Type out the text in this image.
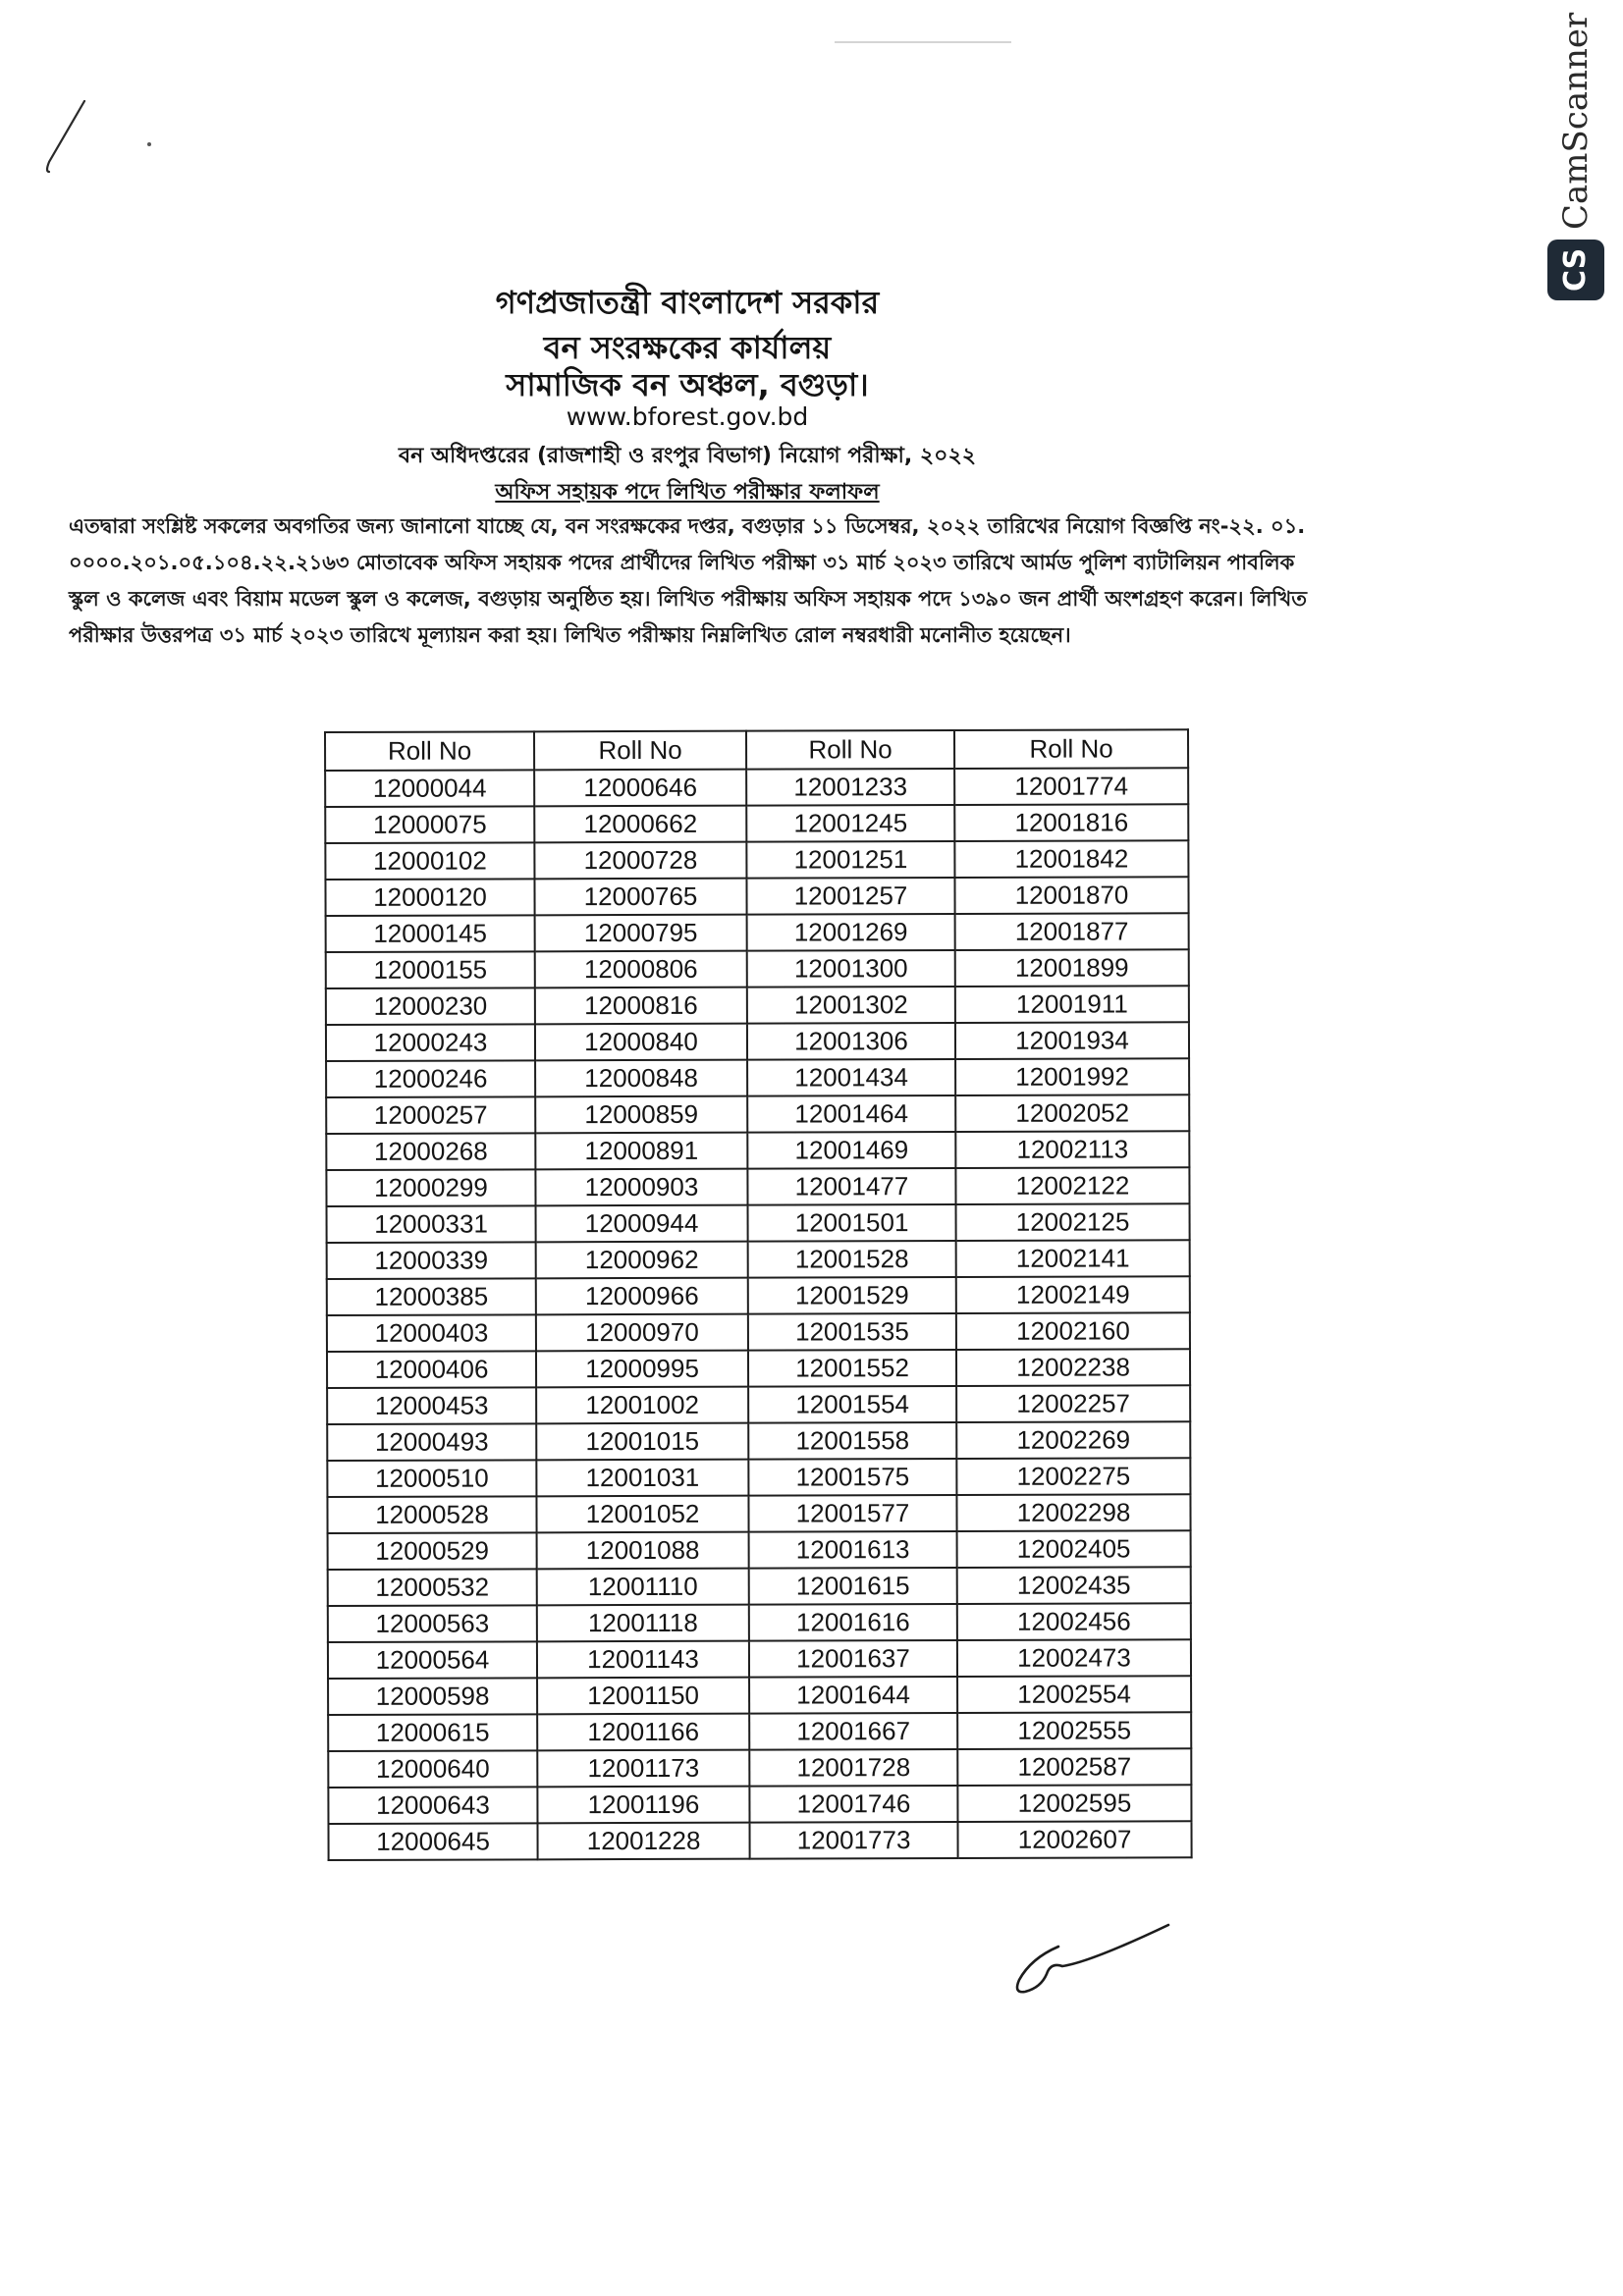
CamScanner
CS
গণপ্রজাতন্ত্রী বাংলাদেশ সরকার
বন সংরক্ষকের কার্যালয়
সামাজিক বন অঞ্চল, বগুড়া।
www.bforest.gov.bd
বন অধিদপ্তরের (রাজশাহী ও রংপুর বিভাগ) নিয়োগ পরীক্ষা, ২০২২
অফিস সহায়ক পদে লিখিত পরীক্ষার ফলাফল
এতদ্বারা সংশ্লিষ্ট সকলের অবগতির জন্য জানানো যাচ্ছে যে, বন সংরক্ষকের দপ্তর, বগুড়ার ১১ ডিসেম্বর, ২০২২ তারিখের নিয়োগ বিজ্ঞপ্তি নং-২২. ০১. ০০০০.২০১.০৫.১০৪.২২.২১৬৩ মোতাবেক অফিস সহায়ক পদের প্রার্থীদের লিখিত পরীক্ষা ৩১ মার্চ ২০২৩ তারিখে আর্মড পুলিশ ব্যাটালিয়ন পাবলিক স্কুল ও কলেজ এবং বিয়াম মডেল স্কুল ও কলেজ, বগুড়ায় অনুষ্ঠিত হয়। লিখিত পরীক্ষায় অফিস সহায়ক পদে ১৩৯০ জন প্রার্থী অংশগ্রহণ করেন। লিখিত পরীক্ষার উত্তরপত্র ৩১ মার্চ ২০২৩ তারিখে মূল্যায়ন করা হয়। লিখিত পরীক্ষায় নিম্নলিখিত রোল নম্বরধারী মনোনীত হয়েছেন।
Roll No	Roll No	Roll No	Roll No
12000044	12000646	12001233	12001774
12000075	12000662	12001245	12001816
12000102	12000728	12001251	12001842
12000120	12000765	12001257	12001870
12000145	12000795	12001269	12001877
12000155	12000806	12001300	12001899
12000230	12000816	12001302	12001911
12000243	12000840	12001306	12001934
12000246	12000848	12001434	12001992
12000257	12000859	12001464	12002052
12000268	12000891	12001469	12002113
12000299	12000903	12001477	12002122
12000331	12000944	12001501	12002125
12000339	12000962	12001528	12002141
12000385	12000966	12001529	12002149
12000403	12000970	12001535	12002160
12000406	12000995	12001552	12002238
12000453	12001002	12001554	12002257
12000493	12001015	12001558	12002269
12000510	12001031	12001575	12002275
12000528	12001052	12001577	12002298
12000529	12001088	12001613	12002405
12000532	12001110	12001615	12002435
12000563	12001118	12001616	12002456
12000564	12001143	12001637	12002473
12000598	12001150	12001644	12002554
12000615	12001166	12001667	12002555
12000640	12001173	12001728	12002587
12000643	12001196	12001746	12002595
12000645	12001228	12001773	12002607
